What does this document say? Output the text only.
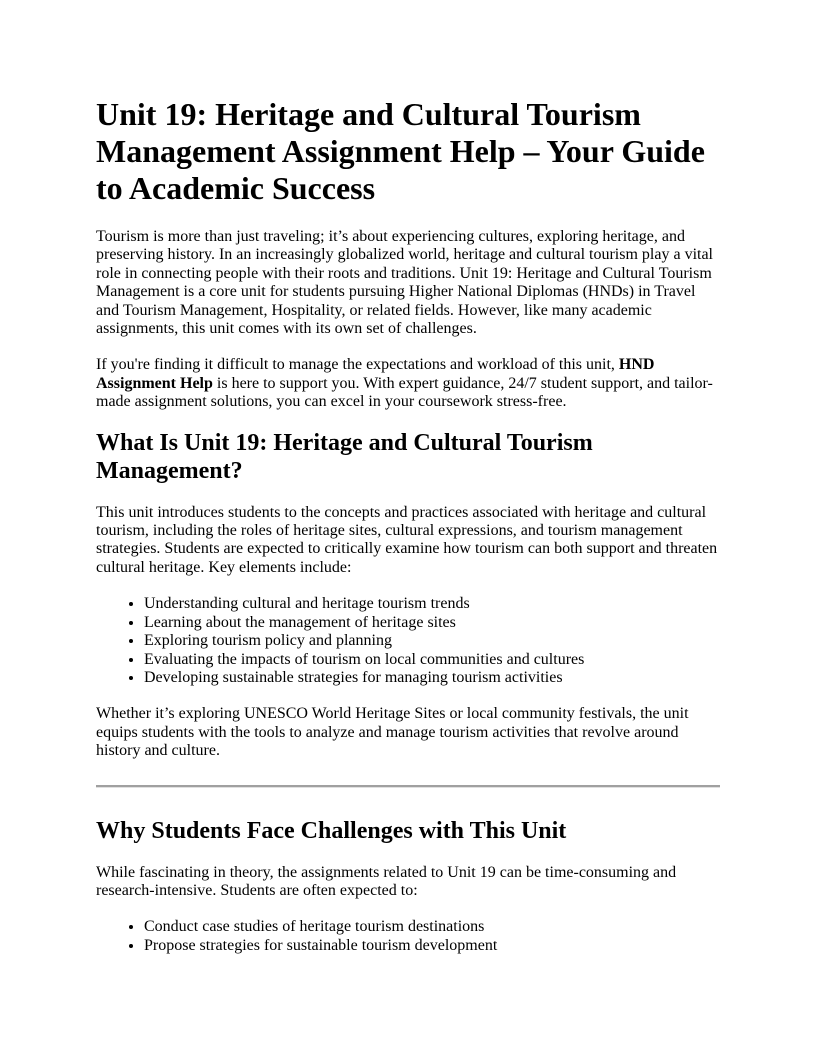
Unit 19: Heritage and Cultural Tourism Management Assignment Help – Your Guide to Academic Success

Tourism is more than just traveling; it’s about experiencing cultures, exploring heritage, and preserving history. In an increasingly globalized world, heritage and cultural tourism play a vital role in connecting people with their roots and traditions. Unit 19: Heritage and Cultural Tourism Management is a core unit for students pursuing Higher National Diplomas (HNDs) in Travel and Tourism Management, Hospitality, or related fields. However, like many academic assignments, this unit comes with its own set of challenges.

If you're finding it difficult to manage the expectations and workload of this unit, HND Assignment Help is here to support you. With expert guidance, 24/7 student support, and tailor-made assignment solutions, you can excel in your coursework stress-free.

What Is Unit 19: Heritage and Cultural Tourism Management?

This unit introduces students to the concepts and practices associated with heritage and cultural tourism, including the roles of heritage sites, cultural expressions, and tourism management strategies. Students are expected to critically examine how tourism can both support and threaten cultural heritage. Key elements include:

• Understanding cultural and heritage tourism trends
• Learning about the management of heritage sites
• Exploring tourism policy and planning
• Evaluating the impacts of tourism on local communities and cultures
• Developing sustainable strategies for managing tourism activities

Whether it’s exploring UNESCO World Heritage Sites or local community festivals, the unit equips students with the tools to analyze and manage tourism activities that revolve around history and culture.

Why Students Face Challenges with This Unit

While fascinating in theory, the assignments related to Unit 19 can be time-consuming and research-intensive. Students are often expected to:

• Conduct case studies of heritage tourism destinations
• Propose strategies for sustainable tourism development
